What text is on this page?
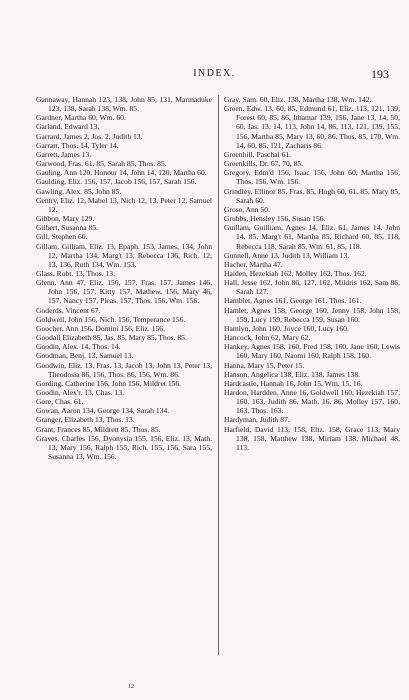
INDEX.	193
Gannaway, Hannah 123, 138, John 85, 131, Marmaduke 123, 138, Sarah 138, Wm. 85.
Gardner, Martha 60, Wm. 60.
Garland, Edward 13.
Garrard, James 2, Jos. 2, Judith 13.
Garratt, Thos. 14, Tyler 14.
Garrett, James 13.
Garwood, Fras. 61, 85, Sarah 85, Thos. 85.
Gauling, Ann 120, Honour 14, John 14, 120, Martha 60.
Gaulding, Eliz. 156, 157, Jacob 156, 157, Sarah 156.
Gawling, Alex. 85, John 85.
Gentry, Eliz. 12, Mabel 13, Nich 12, 13, Peter 12, Samuel 12.
Gibbon, Mary 129.
Gilbert, Susanna 85.
Gill, Stephen 60.
Gillam, Gilliam, Eliz. 13, Epaph. 153, James, 134, John 12, Martha 134, Marg't 13, Rebecca 136, Rich. 12, 13, 136, Ruth 134, Wm. 153.
Glass, Robt. 13, Thos. 13.
Glenn, Ann 47, Eliz. 156, 157, Fras. 157, James 146, John 156, 157, Kitty 157, Mathew, 156, Mary 46, 157, Nancy 157, Pleas. 157, Thos. 156, Wm. 156.
Goderds, Vincent 67.
Goldwell, John 156, Nich. 156, Temperance 156.
Goocher, Ann 156, Domini 156, Eliz. 156.
Goodall Elizabeth 85, Jas. 85, Mary 85, Thos. 85.
Goodin, Alex. 14, Thos. 14.
Goodman, Benj. 13, Samuel 13.
Goodwin, Eliz. 13, Fras. 13, Jacob 13, John 13, Peter 13, Theodosia 86, 156, Thos. 86, 156, Wm. 86.
Gording, Catherine 156, John 156, Mildret 156.
Goodin, Alex'r. 13, Chas. 13.
Gore, Chas. 61.
Gowan, Aaron 134, George 134, Sarah 134.
Granger, Elizabeth 13, Thos. 13.
Grant, Frances 85, Mildrett 85, Thos. 85.
Graves, Charles 156, Dyonysia 155, 156, Eliz. 13, Math. 13, Mary 156, Ralph 155, Rich. 155, 156, Sara 155, Susanna 13, Wm. 156.
Gray, Sam. 60, Eliz. 138, Martha 138, Wm. 142.
Green, Edw. 13, 60, 85, Edmund 61, Eliz. 113, 121, 139, Forest 60, 85, 86, Ithamar 139, 156, Jane 13, 14, 50, 60, Jas. 13, 14, 113, John 14, 86, 113, 121, 139, 155, 156, Martha 85, Mary 13, 60, 86, Thos. 85, 170, Wm. 14, 60, 85, 121, Zacharis 86.
Greenhill, Paschal 61.
Greenkills, Dr. 67, 70, 85.
Gregory, Edm'd 156, Isaac 156, John 60, Martha 156, Thos. 156, Wm. 156.
Grindley, Ellinor 85, Fras. 85, Hugh 60, 61, 85, Mary 85, Sarah 60.
Grose, Ann 50.
Grubbs, Hensley 156, Susan 156.
Guillam, Guilliam, Agnes 14, Eliz. 61, James 14, John 14, 85, Marg't 61, Martha 85, Richard 60, 85, 118, Rebecca 118, Sarah 85, Wm. 61, 85, 118.
Gunnell, Anne 13, Judith 13, William 13.
Hacher, Martha 47.
Haiden, Hezekiah 162, Molley 162, Thos. 162.
Hall, Jesse 162, John 86, 127, 162, Mildris 162, Sam 86, Sarah 127.
Hamblet, Agnes 161, George 161, Thos. 161.
Hamlet, Agnes 158, George 160, Jenny 158, John 158, 159, Lucy 159, Rebecca 159, Susan 160.
Hamlyn, John 160, Joyce 160, Lucy 160.
Hancock, John 62, Mary 62.
Hankey, Agnes 158, 160, Fred 158, 160, Jane 160, Lewis 160, Mary 160, Naomi 160, Ralph 158, 160.
Hanna, Mary 15, Peter 15.
Hanson, Angelica 138, Eliz. 138, James 138.
Hardcastle, Hannah 16, John 15, Wm. 15, 16.
Hardon, Hardden, Anne 16, Goldwell 160, Hezekiah 157, 160, 163, Judith 86, Math. 16, 86, Molley 157, 160, 163, Thos. 163.
Hardyman, Judith 87.
Harfield, David 113, 158, Eliz. 158, Grace 113, Mary 138, 158, Matthew 138, Miriam 138, Michael 48, 113.
12
